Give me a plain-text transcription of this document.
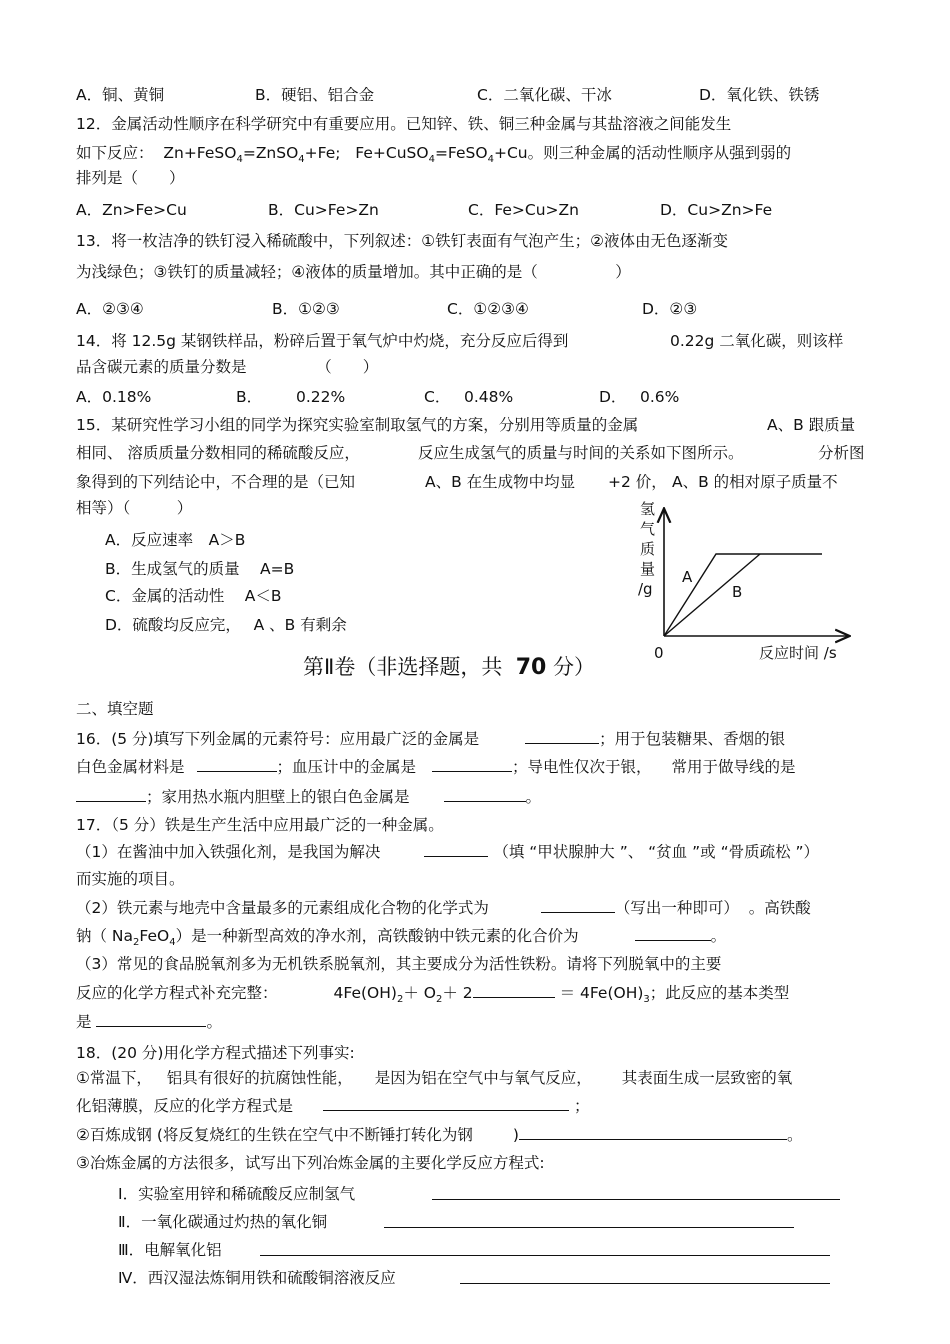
A．铜、黄铜	B．硬铝、铝合金	C．二氧化碳、干冰	D．氧化铁、铁锈
12．金属活动性顺序在科学研究中有重要应用。已知锌、铁、铜三种金属与其盐溶液之间能发生
如下反应： Zn+FeSO$_4$=ZnSO$_4$+Fe; Fe+CuSO$_4$=FeSO$_4$+Cu。则三种金属的活动性顺序从强到弱的
排列是（　　）
A．Zn>Fe>Cu	B．Cu>Fe>Zn	C．Fe>Cu>Zn	D．Cu>Zn>Fe
13．将一枚洁净的铁钉浸入稀硫酸中，下列叙述：①铁钉表面有气泡产生；②液体由无色逐渐变
为浅绿色；③铁钉的质量减轻；④液体的质量增加。其中正确的是（　　　　　）
A．②③④	B．①②③	C．①②③④	D．②③
14．将 12.5g 某钢铁样品，粉碎后置于氧气炉中灼烧，充分反应后得到	0.22g 二氧化碳，则该样
品含碳元素的质量分数是　　　　　（　　）
A．0.18%	B． 0.22%	C． 0.48%	D． 0.6%
15．某研究性学习小组的同学为探究实验室制取氢气的方案，分别用等质量的金属	A、B 跟质量
相同、 溶质质量分数相同的稀硫酸反应，	反应生成氢气的质量与时间的关系如下图所示。	分析图
象得到的下列结论中，不合理的是（已知	A、B 在生成物中均显 +2 价， A、B 的相对原子质量不
相等）（　　　）
A．反应速率　A＞B
B．生成氢气的质量　 A=B
C．金属的活动性　 A＜B
D．硫酸均反应完，　 A 、B 有剩余
氢
气
质
量
/g
A
B
0	反应时间 /s
第Ⅱ卷（非选择题，共 70 分）
二、填空题
16．(5 分)填写下列金属的元素符号：应用最广泛的金属是	；用于包装糖果、香烟的银
白色金属材料是	；血压计中的金属是	；导电性仅次于银， 常用于做导线的是
；家用热水瓶内胆壁上的银白色金属是	。
17．（5 分）铁是生产生活中应用最广泛的一种金属。
（1）在酱油中加入铁强化剂，是我国为解决	（填 “甲状腺肿大 ”、 “贫血 ”或 “骨质疏松 ”）
而实施的项目。
（2）铁元素与地壳中含量最多的元素组成化合物的化学式为	（写出一种即可） 。高铁酸
钠（ $Na_2FeO_4$）是一种新型高效的净水剂，高铁酸钠中铁元素的化合价为	。
（3）常见的食品脱氧剂多为无机铁系脱氧剂，其主要成分为活性铁粉。请将下列脱氧中的主要
反应的化学方程式补充完整：	$4Fe(OH)_2+ O_2+ 2$	＝ $4Fe(OH)_3$；此反应的基本类型
是	。
18．(20 分)用化学方程式描述下列事实:
①常温下， 铝具有很好的抗腐蚀性能， 是因为铝在空气中与氧气反应， 其表面生成一层致密的氧
化铝薄膜，反应的化学方程式是	；
②百炼成钢 (将反复烧红的生铁在空气中不断锤打转化为钢	)	。
③冶炼金属的方法很多，试写出下列冶炼金属的主要化学反应方程式:
Ⅰ．实验室用锌和稀硫酸反应制氢气
Ⅱ．一氧化碳通过灼热的氧化铜
Ⅲ．电解氧化铝
Ⅳ．西汉湿法炼铜用铁和硫酸铜溶液反应
